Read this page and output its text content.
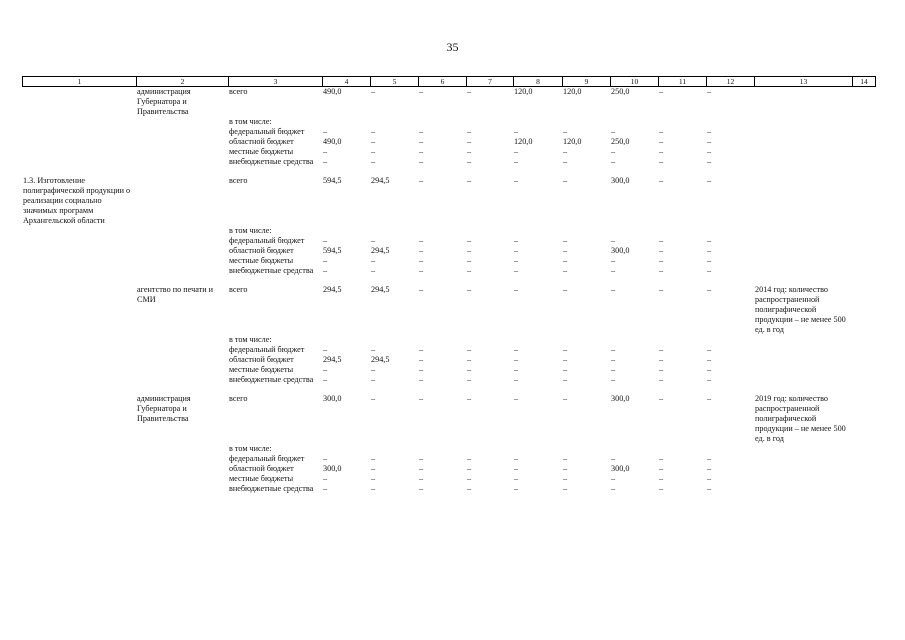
35
1	2	3	4	5	6	7	8	9	10	11	12	13	14
	администрация Губернатора и Правительства	всего	490,0	–	–	–	120,0	120,0	250,0	–	–		
		в том числе:											
		федеральный бюджет	–	–	–	–	–	–	–	–	–		
		областной бюджет	490,0	–	–	–	120,0	120,0	250,0	–	–		
		местные бюджеты	–	–	–	–	–	–	–	–	–		
		внебюджетные средства	–	–	–	–	–	–	–	–	–		

1.3. Изготовление полиграфической продукции о реализации социально значимых программ Архангельской области		всего	594,5	294,5	–	–	–	–	300,0	–	–		
		в том числе:											
		федеральный бюджет	–	–	–	–	–	–	–	–	–		
		областной бюджет	594,5	294,5	–	–	–	–	300,0	–	–		
		местные бюджеты	–	–	–	–	–	–	–	–	–		
		внебюджетные средства	–	–	–	–	–	–	–	–	–		

	агентство по печати и СМИ	всего	294,5	294,5	–	–	–	–	–	–	–	2014 год: количество распространенной полиграфической продукции – не менее 500 ед. в год	
		в том числе:											
		федеральный бюджет	–	–	–	–	–	–	–	–	–		
		областной бюджет	294,5	294,5	–	–	–	–	–	–	–		
		местные бюджеты	–	–	–	–	–	–	–	–	–		
		внебюджетные средства	–	–	–	–	–	–	–	–	–		

	администрация Губернатора и Правительства	всего	300,0	–	–	–	–	–	300,0	–	–	2019 год: количество распространенной полиграфической продукции – не менее 500 ед. в год	
		в том числе:											
		федеральный бюджет	–	–	–	–	–	–	–	–	–		
		областной бюджет	300,0	–	–	–	–	–	300,0	–	–		
		местные бюджеты	–	–	–	–	–	–	–	–	–		
		внебюджетные средства	–	–	–	–	–	–	–	–	–		
